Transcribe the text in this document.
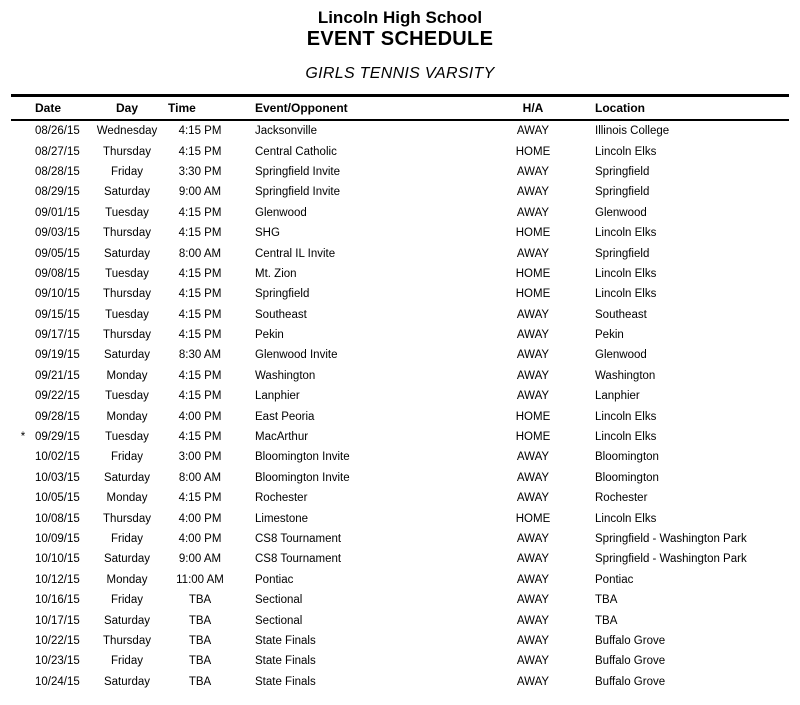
Lincoln High School
EVENT SCHEDULE
GIRLS TENNIS VARSITY
	Date	Day	Time	Event/Opponent	H/A	Location
	08/26/15	Wednesday	4:15 PM	Jacksonville	AWAY	Illinois College
	08/27/15	Thursday	4:15 PM	Central Catholic	HOME	Lincoln Elks
	08/28/15	Friday	3:30 PM	Springfield Invite	AWAY	Springfield
	08/29/15	Saturday	9:00 AM	Springfield Invite	AWAY	Springfield
	09/01/15	Tuesday	4:15 PM	Glenwood	AWAY	Glenwood
	09/03/15	Thursday	4:15 PM	SHG	HOME	Lincoln Elks
	09/05/15	Saturday	8:00 AM	Central IL Invite	AWAY	Springfield
	09/08/15	Tuesday	4:15 PM	Mt. Zion	HOME	Lincoln Elks
	09/10/15	Thursday	4:15 PM	Springfield	HOME	Lincoln Elks
	09/15/15	Tuesday	4:15 PM	Southeast	AWAY	Southeast
	09/17/15	Thursday	4:15 PM	Pekin	AWAY	Pekin
	09/19/15	Saturday	8:30 AM	Glenwood Invite	AWAY	Glenwood
	09/21/15	Monday	4:15 PM	Washington	AWAY	Washington
	09/22/15	Tuesday	4:15 PM	Lanphier	AWAY	Lanphier
	09/28/15	Monday	4:00 PM	East Peoria	HOME	Lincoln Elks
*	09/29/15	Tuesday	4:15 PM	MacArthur	HOME	Lincoln Elks
	10/02/15	Friday	3:00 PM	Bloomington Invite	AWAY	Bloomington
	10/03/15	Saturday	8:00 AM	Bloomington Invite	AWAY	Bloomington
	10/05/15	Monday	4:15 PM	Rochester	AWAY	Rochester
	10/08/15	Thursday	4:00 PM	Limestone	HOME	Lincoln Elks
	10/09/15	Friday	4:00 PM	CS8 Tournament	AWAY	Springfield - Washington Park
	10/10/15	Saturday	9:00 AM	CS8 Tournament	AWAY	Springfield - Washington Park
	10/12/15	Monday	11:00 AM	Pontiac	AWAY	Pontiac
	10/16/15	Friday	TBA	Sectional	AWAY	TBA
	10/17/15	Saturday	TBA	Sectional	AWAY	TBA
	10/22/15	Thursday	TBA	State Finals	AWAY	Buffalo Grove
	10/23/15	Friday	TBA	State Finals	AWAY	Buffalo Grove
	10/24/15	Saturday	TBA	State Finals	AWAY	Buffalo Grove
